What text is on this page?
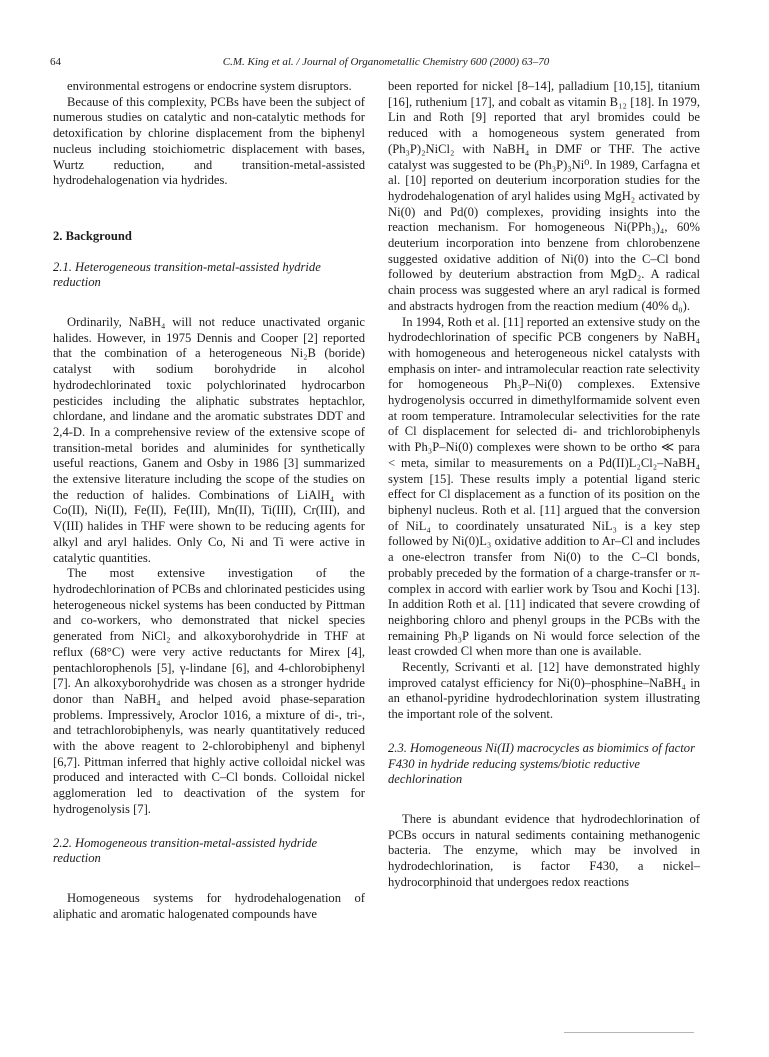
64	C.M. King et al. / Journal of Organometallic Chemistry 600 (2000) 63–70

environmental estrogens or endocrine system disruptors.

Because of this complexity, PCBs have been the subject of numerous studies on catalytic and non-catalytic methods for detoxification by chlorine displacement from the biphenyl nucleus including stoichiometric displacement with bases, Wurtz reduction, and transition-metal-assisted hydrodehalogenation via hydrides.

2. Background
2.1. Heterogeneous transition-metal-assisted hydride reduction

Ordinarily, NaBH₄ will not reduce unactivated organic halides. However, in 1975 Dennis and Cooper [2] reported that the combination of a heterogeneous Ni₂B (boride) catalyst with sodium borohydride in alcohol hydrodechlorinated toxic polychlorinated hydrocarbon pesticides including the aliphatic substrates heptachlor, chlordane, and lindane and the aromatic substrates DDT and 2,4-D. In a comprehensive review of the extensive scope of transition-metal borides and aluminides for synthetically useful reactions, Ganem and Osby in 1986 [3] summarized the extensive literature including the scope of the studies on the reduction of halides. Combinations of LiAlH₄ with Co(II), Ni(II), Fe(II), Fe(III), Mn(II), Ti(III), Cr(III), and V(III) halides in THF were shown to be reducing agents for alkyl and aryl halides. Only Co, Ni and Ti were active in catalytic quantities.

The most extensive investigation of the hydrodechlorination of PCBs and chlorinated pesticides using heterogeneous nickel systems has been conducted by Pittman and co-workers, who demonstrated that nickel species generated from NiCl₂ and alkoxyborohydride in THF at reflux (68°C) were very active reductants for Mirex [4], pentachlorophenols [5], γ-lindane [6], and 4-chlorobiphenyl [7]. An alkoxyborohydride was chosen as a stronger hydride donor than NaBH₄ and helped avoid phase-separation problems. Impressively, Aroclor 1016, a mixture of di-, tri-, and tetrachlorobiphenyls, was nearly quantitatively reduced with the above reagent to 2-chlorobiphenyl and biphenyl [6,7]. Pittman inferred that highly active colloidal nickel was produced and interacted with C–Cl bonds. Colloidal nickel agglomeration led to deactivation of the system for hydrogenolysis [7].

2.2. Homogeneous transition-metal-assisted hydride reduction

Homogeneous systems for hydrodehalogenation of aliphatic and aromatic halogenated compounds have

been reported for nickel [8–14], palladium [10,15], titanium [16], ruthenium [17], and cobalt as vitamin B₁₂ [18]. In 1979, Lin and Roth [9] reported that aryl bromides could be reduced with a homogeneous system generated from (Ph₃P)₂NiCl₂ with NaBH₄ in DMF or THF. The active catalyst was suggested to be (Ph₃P)₃Ni⁰. In 1989, Carfagna et al. [10] reported on deuterium incorporation studies for the hydrodehalogenation of aryl halides using MgH₂ activated by Ni(0) and Pd(0) complexes, providing insights into the reaction mechanism. For homogeneous Ni(PPh₃)₄, 60% deuterium incorporation into benzene from chlorobenzene suggested oxidative addition of Ni(0) into the C–Cl bond followed by deuterium abstraction from MgD₂. A radical chain process was suggested where an aryl radical is formed and abstracts hydrogen from the reaction medium (40% d₀).

In 1994, Roth et al. [11] reported an extensive study on the hydrodechlorination of specific PCB congeners by NaBH₄ with homogeneous and heterogeneous nickel catalysts with emphasis on inter- and intramolecular reaction rate selectivity for homogeneous Ph₃P–Ni(0) complexes. Extensive hydrogenolysis occurred in dimethylformamide solvent even at room temperature. Intramolecular selectivities for the rate of Cl displacement for selected di- and trichlorobiphenyls with Ph₃P–Ni(0) complexes were shown to be ortho ≪ para < meta, similar to measurements on a Pd(II)L₂Cl₂–NaBH₄ system [15]. These results imply a potential ligand steric effect for Cl displacement as a function of its position on the biphenyl nucleus. Roth et al. [11] argued that the conversion of NiL₄ to coordinately unsaturated NiL₃ is a key step followed by Ni(0)L₃ oxidative addition to Ar–Cl and includes a one-electron transfer from Ni(0) to the C–Cl bonds, probably preceded by the formation of a charge-transfer or π-complex in accord with earlier work by Tsou and Kochi [13]. In addition Roth et al. [11] indicated that severe crowding of neighboring chloro and phenyl groups in the PCBs with the remaining Ph₃P ligands on Ni would force selection of the least crowded Cl when more than one is available.

Recently, Scrivanti et al. [12] have demonstrated highly improved catalyst efficiency for Ni(0)–phosphine–NaBH₄ in an ethanol-pyridine hydrodechlorination system illustrating the important role of the solvent.

2.3. Homogeneous Ni(II) macrocycles as biomimics of factor F430 in hydride reducing systems/biotic reductive dechlorination

There is abundant evidence that hydrodechlorination of PCBs occurs in natural sediments containing methanogenic bacteria. The enzyme, which may be involved in hydrodechlorination, is factor F430, a nickel–hydrocorphinoid that undergoes redox reactions
